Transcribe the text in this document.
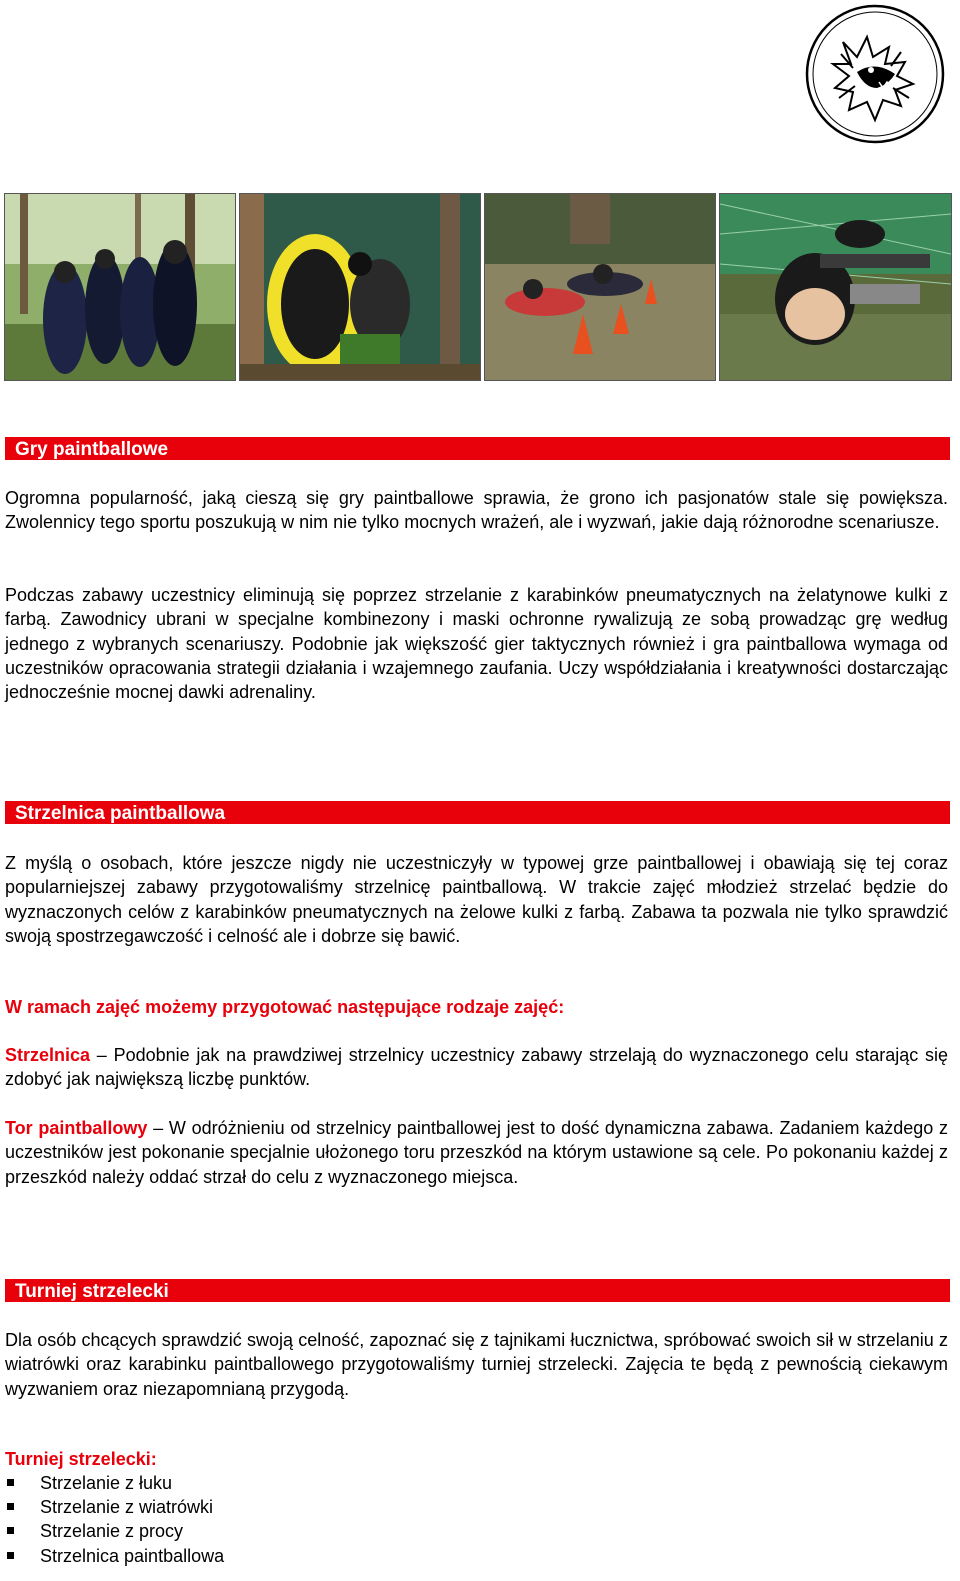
Gry paintballowe

Ogromna popularność, jaką cieszą się gry paintballowe sprawia, że grono ich pasjonatów stale się powiększa. Zwolennicy tego sportu poszukują w nim nie tylko mocnych wrażeń, ale i wyzwań, jakie dają różnorodne scenariusze.

Podczas zabawy uczestnicy eliminują się poprzez strzelanie z karabinków pneumatycznych na żelatynowe kulki z farbą. Zawodnicy ubrani w specjalne kombinezony i maski ochronne rywalizują ze sobą prowadząc grę według jednego z wybranych scenariuszy. Podobnie jak większość gier taktycznych również i gra paintballowa wymaga od uczestników opracowania strategii działania i wzajemnego zaufania. Uczy współdziałania i kreatywności dostarczając jednocześnie mocnej dawki adrenaliny.

Strzelnica paintballowa

Z myślą o osobach, które jeszcze nigdy nie uczestniczyły w typowej grze paintballowej i obawiają się tej coraz popularniejszej zabawy przygotowaliśmy strzelnicę paintballową. W trakcie zajęć młodzież strzelać będzie do wyznaczonych celów z karabinków pneumatycznych na żelowe kulki z farbą. Zabawa ta pozwala nie tylko sprawdzić swoją spostrzegawczość i celność ale i dobrze się bawić.

W ramach zajęć możemy przygotować następujące rodzaje zajęć:

Strzelnica – Podobnie jak na prawdziwej strzelnicy uczestnicy zabawy strzelają do wyznaczonego celu starając się zdobyć jak największą liczbę punktów.

Tor paintballowy – W odróżnieniu od strzelnicy paintballowej jest to dość dynamiczna zabawa. Zadaniem każdego z uczestników jest pokonanie specjalnie ułożonego toru przeszkód na którym ustawione są cele. Po pokonaniu każdej z przeszkód należy oddać strzał do celu z wyznaczonego miejsca.

Turniej strzelecki

Dla osób chcących sprawdzić swoją celność, zapoznać się z tajnikami łucznictwa, spróbować swoich sił w strzelaniu z wiatrówki oraz karabinku paintballowego przygotowaliśmy turniej strzelecki. Zajęcia te będą z pewnością ciekawym wyzwaniem oraz niezapomnianą przygodą.

Turniej strzelecki:

Strzelanie z łuku
Strzelanie z wiatrówki
Strzelanie z procy
Strzelnica paintballowa
